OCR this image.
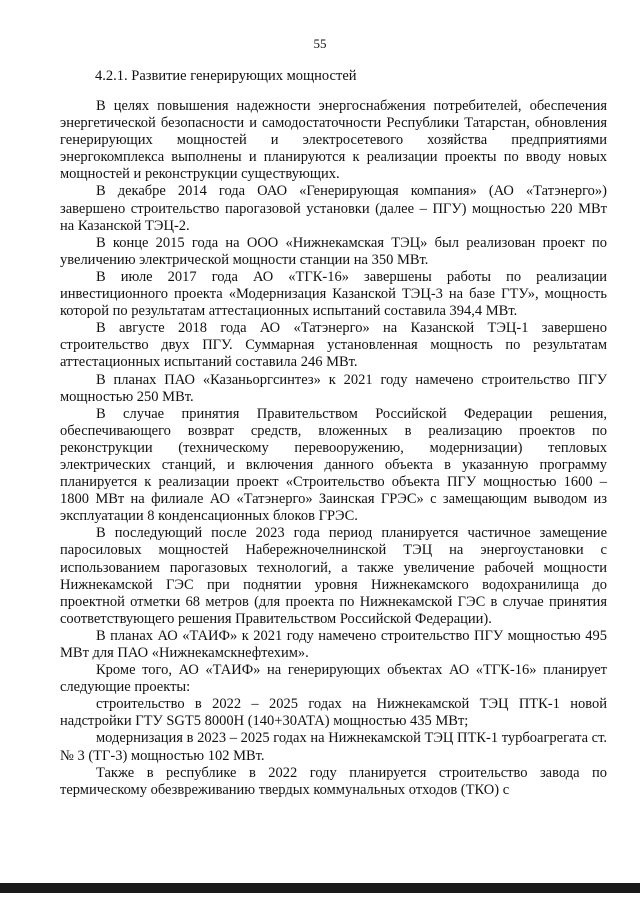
55
4.2.1. Развитие генерирующих мощностей

В целях повышения надежности энергоснабжения потребителей, обеспечения энергетической безопасности и самодостаточности Республики Татарстан, обновления генерирующих мощностей и электросетевого хозяйства предприятиями энергокомплекса выполнены и планируются к реализации проекты по вводу новых мощностей и реконструкции существующих.

В декабре 2014 года ОАО «Генерирующая компания» (АО «Татэнерго») завершено строительство парогазовой установки (далее – ПГУ) мощностью 220 МВт на Казанской ТЭЦ-2.

В конце 2015 года на ООО «Нижнекамская ТЭЦ» был реализован проект по увеличению электрической мощности станции на 350 МВт.

В июле 2017 года АО «ТГК-16» завершены работы по реализации инвестиционного проекта «Модернизация Казанской ТЭЦ-3 на базе ГТУ», мощность которой по результатам аттестационных испытаний составила 394,4 МВт.

В августе 2018 года АО «Татэнерго» на Казанской ТЭЦ-1 завершено строительство двух ПГУ. Суммарная установленная мощность по результатам аттестационных испытаний составила 246 МВт.

В планах ПАО «Казаньоргсинтез» к 2021 году намечено строительство ПГУ мощностью 250 МВт.

В случае принятия Правительством Российской Федерации решения, обеспечивающего возврат средств, вложенных в реализацию проектов по реконструкции (техническому перевооружению, модернизации) тепловых электрических станций, и включения данного объекта в указанную программу планируется к реализации проект «Строительство объекта ПГУ мощностью 1600 – 1800 МВт на филиале АО «Татэнерго» Заинская ГРЭС» с замещающим выводом из эксплуатации 8 конденсационных блоков ГРЭС.

В последующий после 2023 года период планируется частичное замещение паросиловых мощностей Набережночелнинской ТЭЦ на энергоустановки с использованием парогазовых технологий, а также увеличение рабочей мощности Нижнекамской ГЭС при поднятии уровня Нижнекамского водохранилища до проектной отметки 68 метров (для проекта по Нижнекамской ГЭС в случае принятия соответствующего решения Правительством Российской Федерации).

В планах АО «ТАИФ» к 2021 году намечено строительство ПГУ мощностью 495 МВт для ПАО «Нижнекамскнефтехим».

Кроме того, АО «ТАИФ» на генерирующих объектах АО «ТГК-16» планирует следующие проекты:

строительство в 2022 – 2025 годах на Нижнекамской ТЭЦ ПТК-1 новой надстройки ГТУ SGT5 8000H (140+30АТА) мощностью 435 МВт;

модернизация в 2023 – 2025 годах на Нижнекамской ТЭЦ ПТК-1 турбоагрегата ст. № 3 (ТГ-3) мощностью 102 МВт.

Также в республике в 2022 году планируется строительство завода по термическому обезвреживанию твердых коммунальных отходов (ТКО) с
